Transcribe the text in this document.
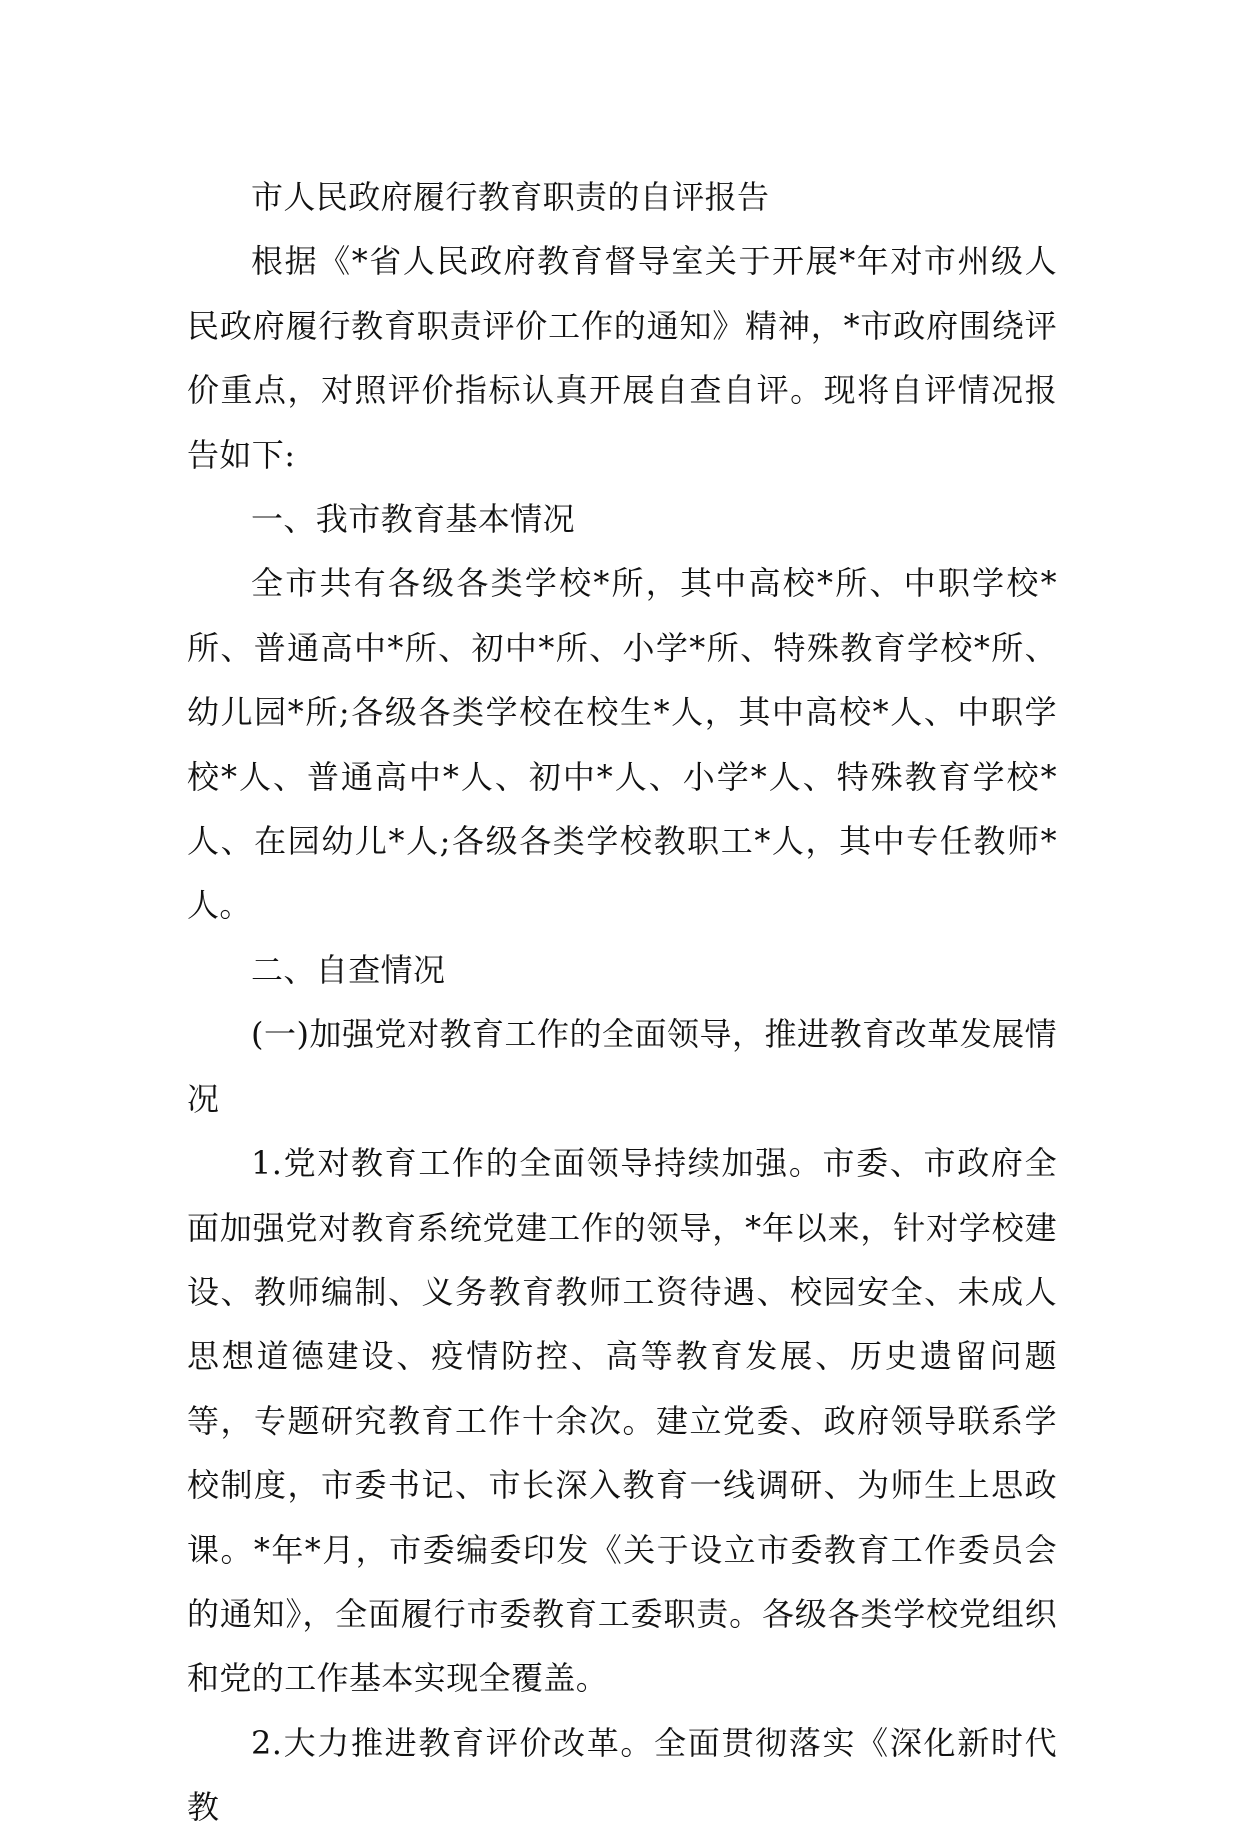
市人民政府履行教育职责的自评报告

根据《*省人民政府教育督导室关于开展*年对市州级人民政府履行教育职责评价工作的通知》精神，*市政府围绕评价重点，对照评价指标认真开展自查自评。现将自评情况报告如下:

一、我市教育基本情况

全市共有各级各类学校*所，其中高校*所、中职学校*所、普通高中*所、初中*所、小学*所、特殊教育学校*所、幼儿园*所;各级各类学校在校生*人，其中高校*人、中职学校*人、普通高中*人、初中*人、小学*人、特殊教育学校*人、在园幼儿*人;各级各类学校教职工*人，其中专任教师*人。

二、自查情况

(一)加强党对教育工作的全面领导，推进教育改革发展情况

1.党对教育工作的全面领导持续加强。市委、市政府全面加强党对教育系统党建工作的领导，*年以来，针对学校建设、教师编制、义务教育教师工资待遇、校园安全、未成人思想道德建设、疫情防控、高等教育发展、历史遗留问题等，专题研究教育工作十余次。建立党委、政府领导联系学校制度，市委书记、市长深入教育一线调研、为师生上思政课。*年*月，市委编委印发《关于设立市委教育工作委员会的通知》，全面履行市委教育工委职责。各级各类学校党组织和党的工作基本实现全覆盖。

2.大力推进教育评价改革。全面贯彻落实《深化新时代教
